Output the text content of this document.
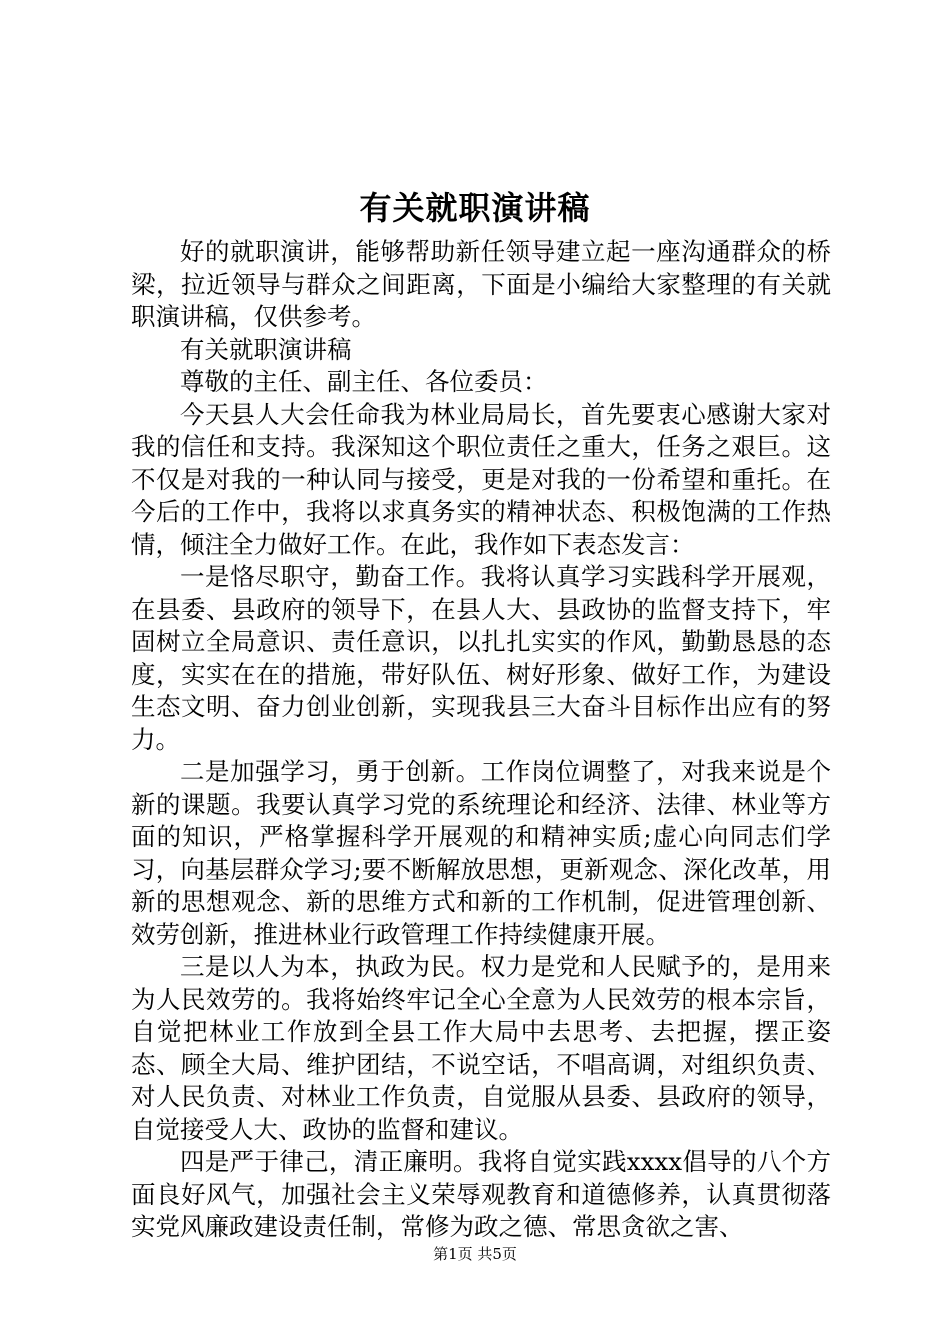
有关就职演讲稿

好的就职演讲，能够帮助新任领导建立起一座沟通群众的桥梁，拉近领导与群众之间距离，下面是小编给大家整理的有关就职演讲稿，仅供参考。

有关就职演讲稿

尊敬的主任、副主任、各位委员：

今天县人大会任命我为林业局局长，首先要衷心感谢大家对我的信任和支持。我深知这个职位责任之重大，任务之艰巨。这不仅是对我的一种认同与接受，更是对我的一份希望和重托。在今后的工作中，我将以求真务实的精神状态、积极饱满的工作热情，倾注全力做好工作。在此，我作如下表态发言：

一是恪尽职守，勤奋工作。我将认真学习实践科学开展观，在县委、县政府的领导下，在县人大、县政协的监督支持下，牢固树立全局意识、责任意识，以扎扎实实的作风，勤勤恳恳的态度，实实在在的措施，带好队伍、树好形象、做好工作，为建设生态文明、奋力创业创新，实现我县三大奋斗目标作出应有的努力。

二是加强学习，勇于创新。工作岗位调整了，对我来说是个新的课题。我要认真学习党的系统理论和经济、法律、林业等方面的知识，严格掌握科学开展观的和精神实质;虚心向同志们学习，向基层群众学习;要不断解放思想，更新观念、深化改革，用新的思想观念、新的思维方式和新的工作机制，促进管理创新、效劳创新，推进林业行政管理工作持续健康开展。

三是以人为本，执政为民。权力是党和人民赋予的，是用来为人民效劳的。我将始终牢记全心全意为人民效劳的根本宗旨，自觉把林业工作放到全县工作大局中去思考、去把握，摆正姿态、顾全大局、维护团结，不说空话，不唱高调，对组织负责、对人民负责、对林业工作负责，自觉服从县委、县政府的领导，自觉接受人大、政协的监督和建议。

四是严于律己，清正廉明。我将自觉实践xxxx倡导的八个方面良好风气，加强社会主义荣辱观教育和道德修养，认真贯彻落实党风廉政建设责任制，常修为政之德、常思贪欲之害、

第1页 共5页
